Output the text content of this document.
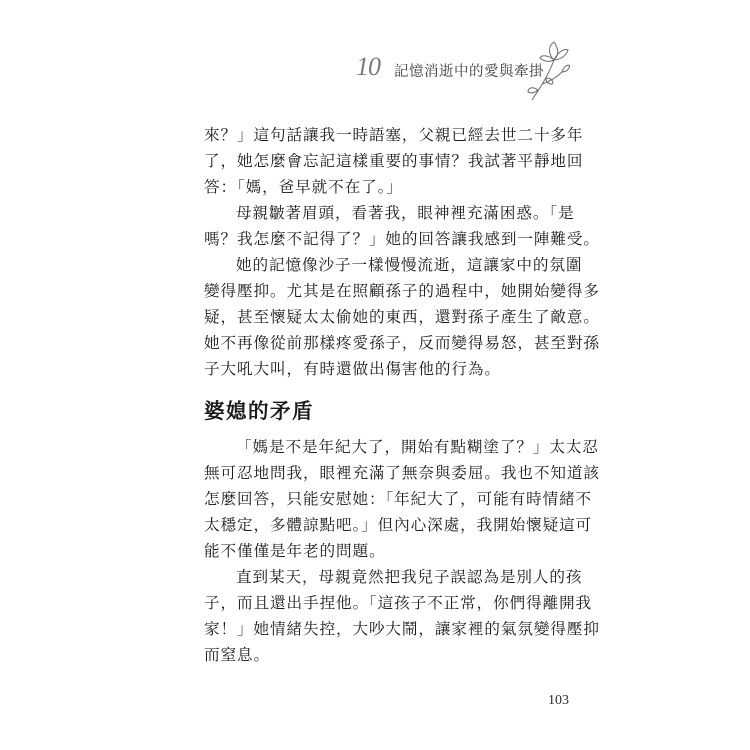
10 記憶消逝中的愛與牽掛

來？」這句話讓我一時語塞，父親已經去世二十多年
了，她怎麼會忘記這樣重要的事情？我試著平靜地回
答：「媽，爸早就不在了。」

母親皺著眉頭，看著我，眼神裡充滿困惑。「是
嗎？我怎麼不記得了？」她的回答讓我感到一陣難受。

她的記憶像沙子一樣慢慢流逝，這讓家中的氛圍
變得壓抑。尤其是在照顧孫子的過程中，她開始變得多
疑，甚至懷疑太太偷她的東西，還對孫子產生了敵意。
她不再像從前那樣疼愛孫子，反而變得易怒，甚至對孫
子大吼大叫，有時還做出傷害他的行為。

婆媳的矛盾

「媽是不是年紀大了，開始有點糊塗了？」太太忍
無可忍地問我，眼裡充滿了無奈與委屈。我也不知道該
怎麼回答，只能安慰她：「年紀大了，可能有時情緒不
太穩定，多體諒點吧。」但內心深處，我開始懷疑這可
能不僅僅是年老的問題。

直到某天，母親竟然把我兒子誤認為是別人的孩
子，而且還出手捏他。「這孩子不正常，你們得離開我
家！」她情緒失控，大吵大鬧，讓家裡的氣氛變得壓抑
而窒息。

103
